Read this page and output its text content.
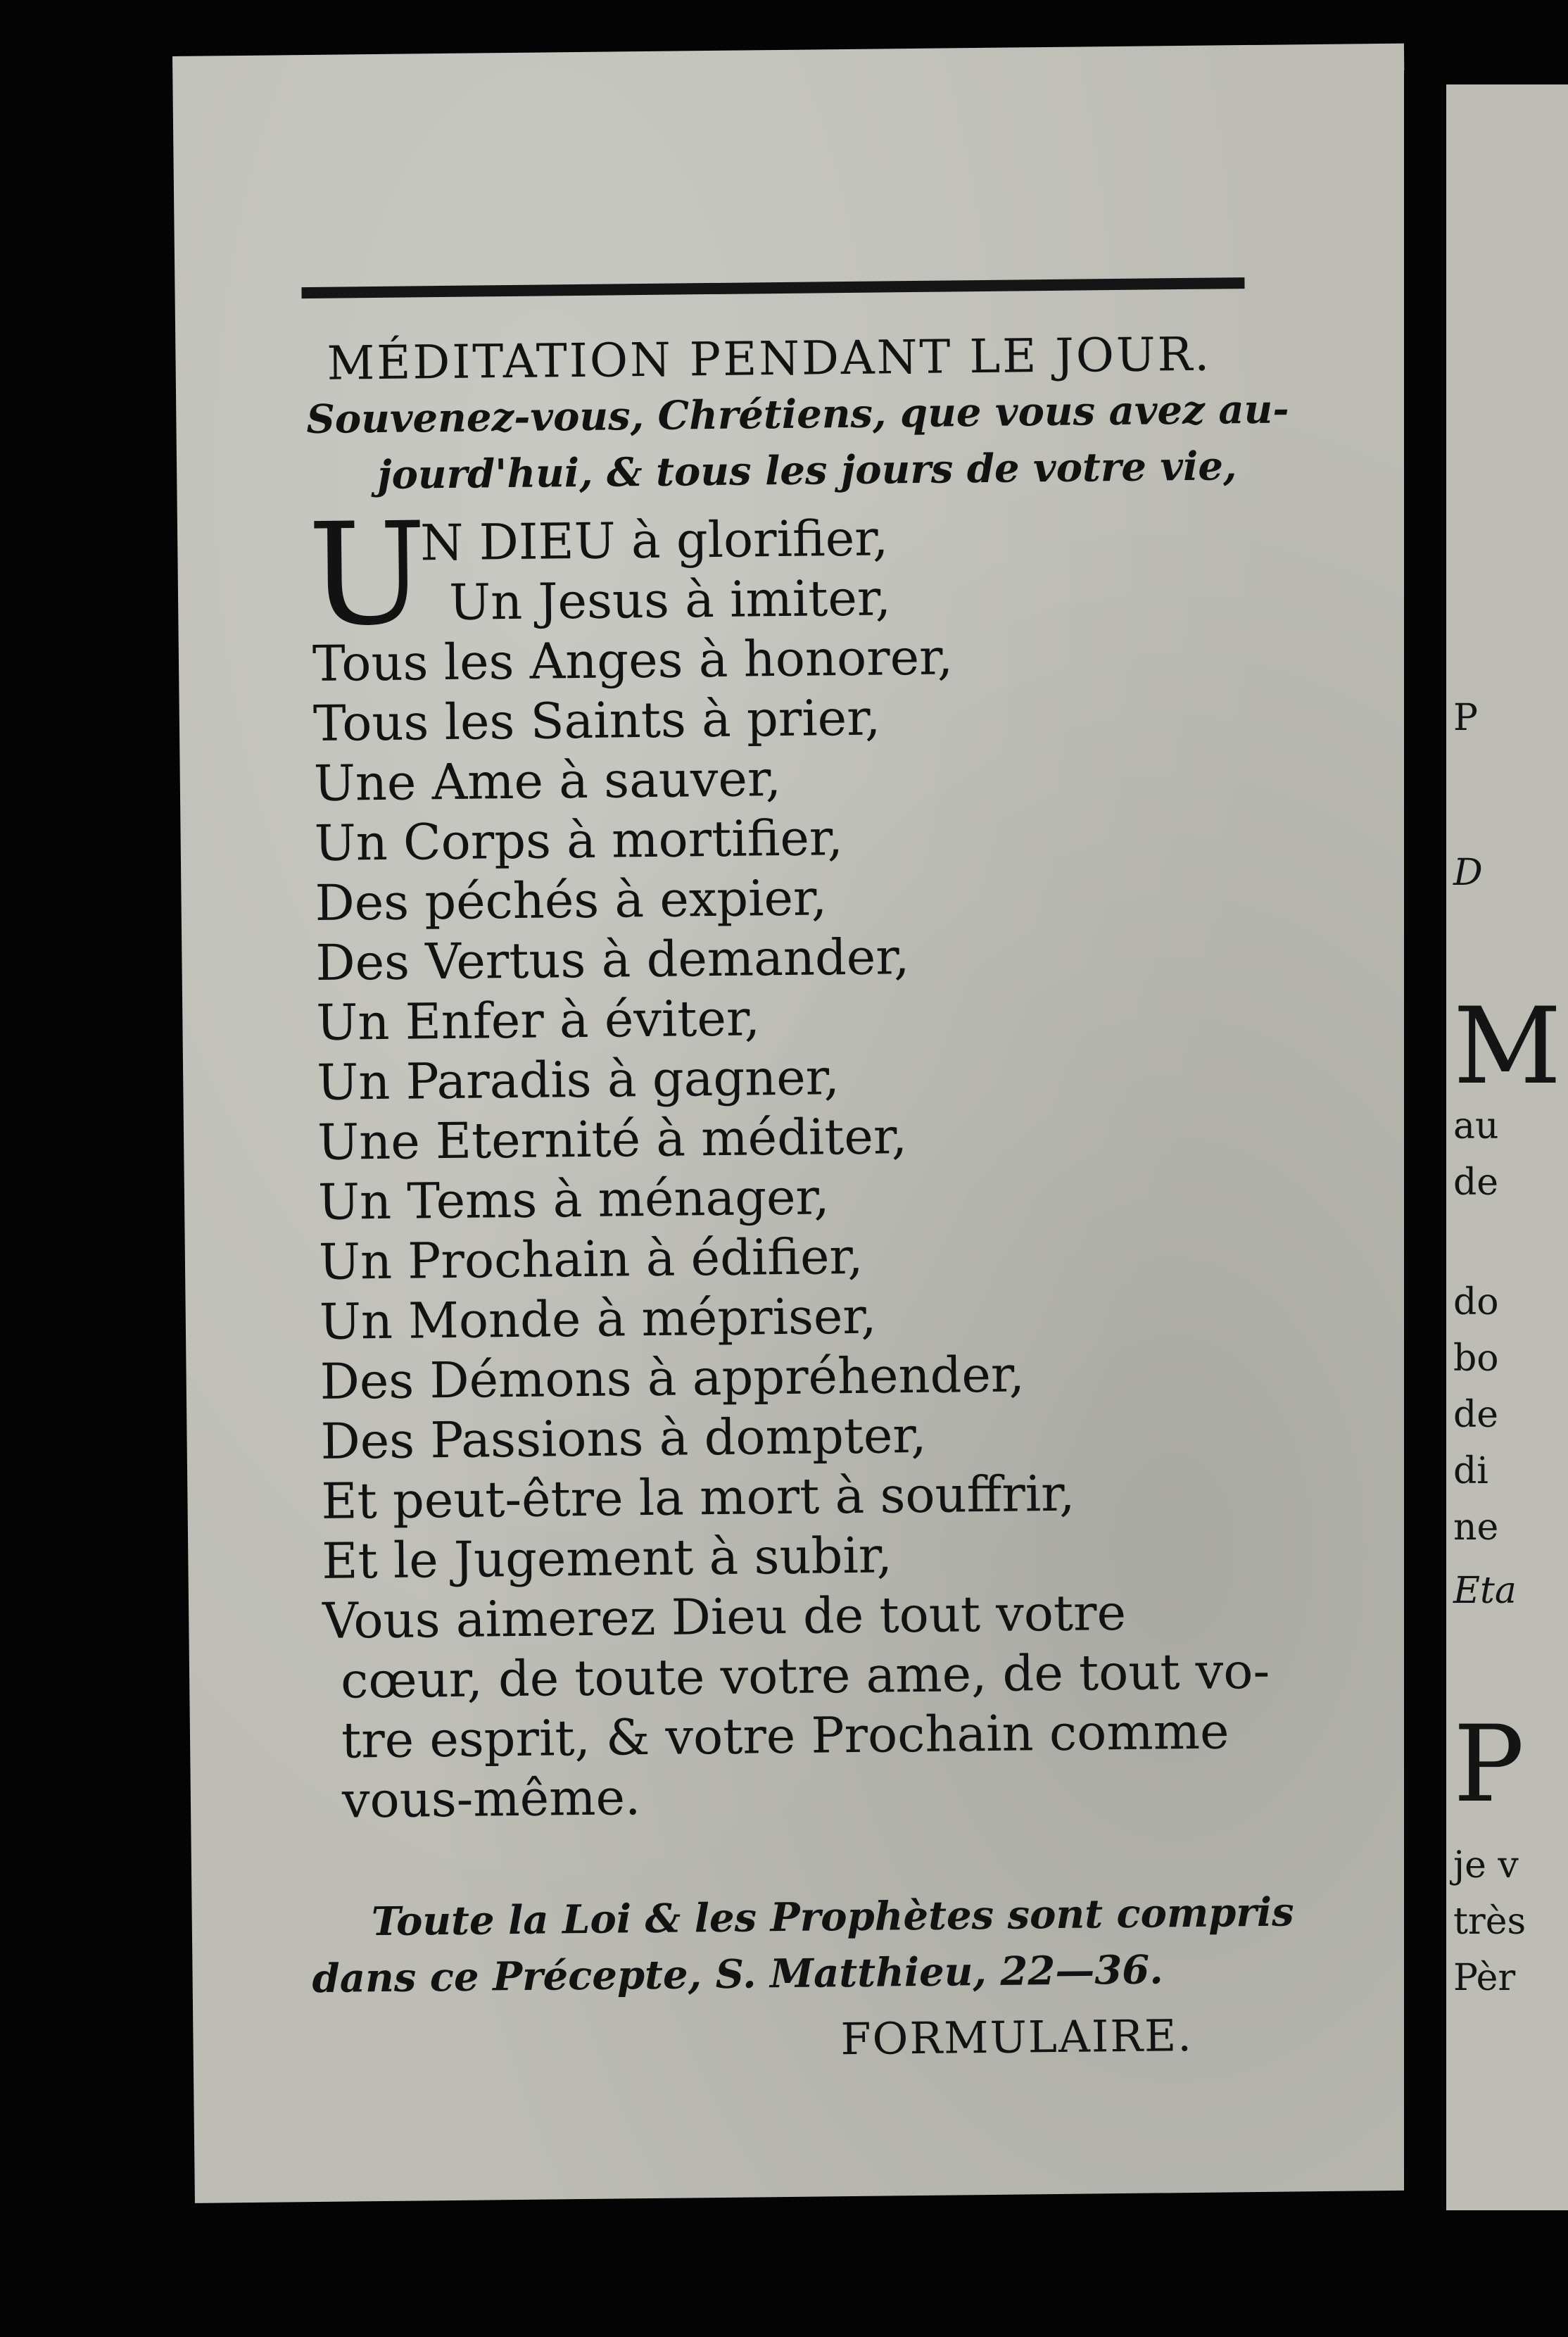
MÉDITATION PENDANT LE JOUR.
Souvenez-vous, Chrétiens, que vous avez au-
jourd'hui, & tous les jours de votre vie,
U
N DIEU à glorifier,
Un Jesus à imiter,
Tous les Anges à honorer,
Tous les Saints à prier,
Une Ame à sauver,
Un Corps à mortifier,
Des péchés à expier,
Des Vertus à demander,
Un Enfer à éviter,
Un Paradis à gagner,
Une Eternité à méditer,
Un Tems à ménager,
Un Prochain à édifier,
Un Monde à mépriser,
Des Démons à appréhender,
Des Passions à dompter,
Et peut-être la mort à souffrir,
Et le Jugement à subir,
Vous aimerez Dieu de tout votre
cœur, de toute votre ame, de tout vo-
tre esprit, & votre Prochain comme
vous-même.
Toute la Loi & les Prophètes sont compris
dans ce Précepte, S. Matthieu, 22—36.
FORMULAIRE.
P
D
M
au
de
do
bo
de
di
ne
Eta
P
je v
très
Pèr
